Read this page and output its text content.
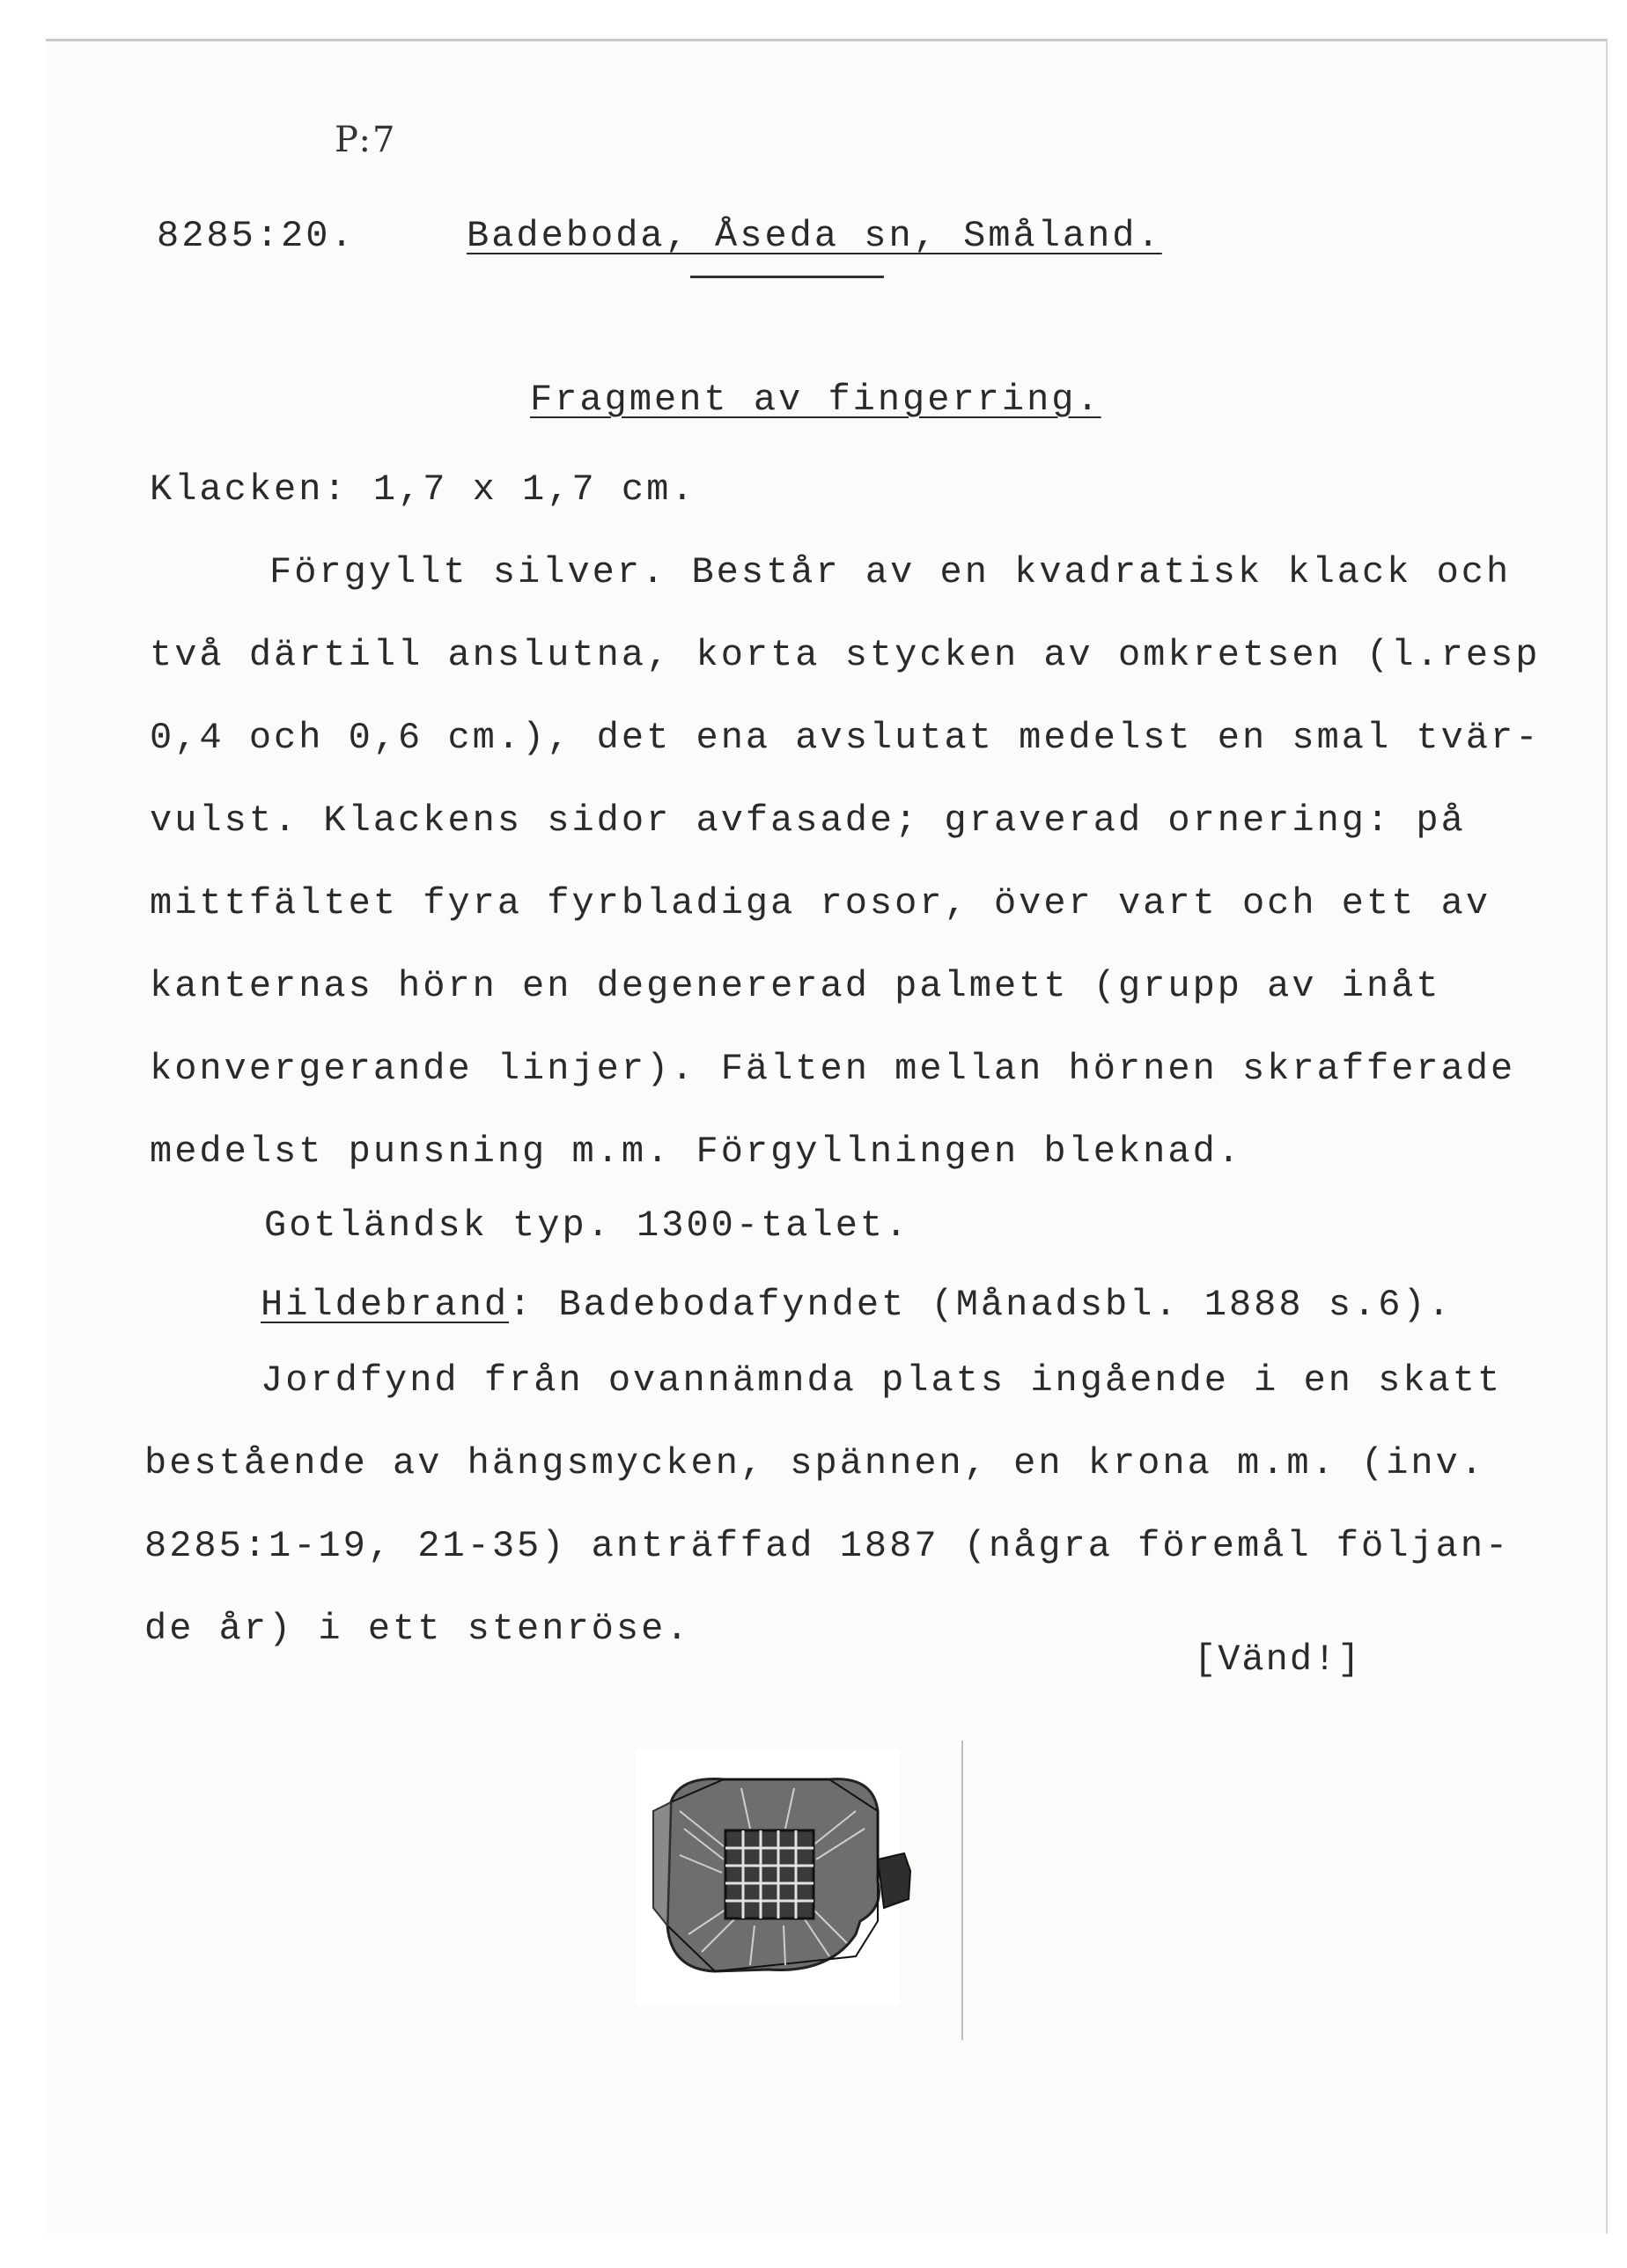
P:7
8285:20.	Badeboda, Åseda sn, Småland.
Fragment av fingerring.
Klacken: 1,7 x 1,7 cm.
Förgyllt silver. Består av en kvadratisk klack och
två därtill anslutna, korta stycken av omkretsen (l.resp
0,4 och 0,6 cm.), det ena avslutat medelst en smal tvär-
vulst. Klackens sidor avfasade; graverad ornering: på
mittfältet fyra fyrbladiga rosor, över vart och ett av
kanternas hörn en degenererad palmett (grupp av inåt
konvergerande linjer). Fälten mellan hörnen skrafferade
medelst punsning m.m. Förgyllningen bleknad.
Gotländsk typ. 1300-talet.
Hildebrand: Badebodafyndet (Månadsbl. 1888 s.6).
Jordfynd från ovannämnda plats ingående i en skatt
bestående av hängsmycken, spännen, en krona m.m. (inv.
8285:1-19, 21-35) anträffad 1887 (några föremål följan-
de år) i ett stenröse.
[Vänd!]
